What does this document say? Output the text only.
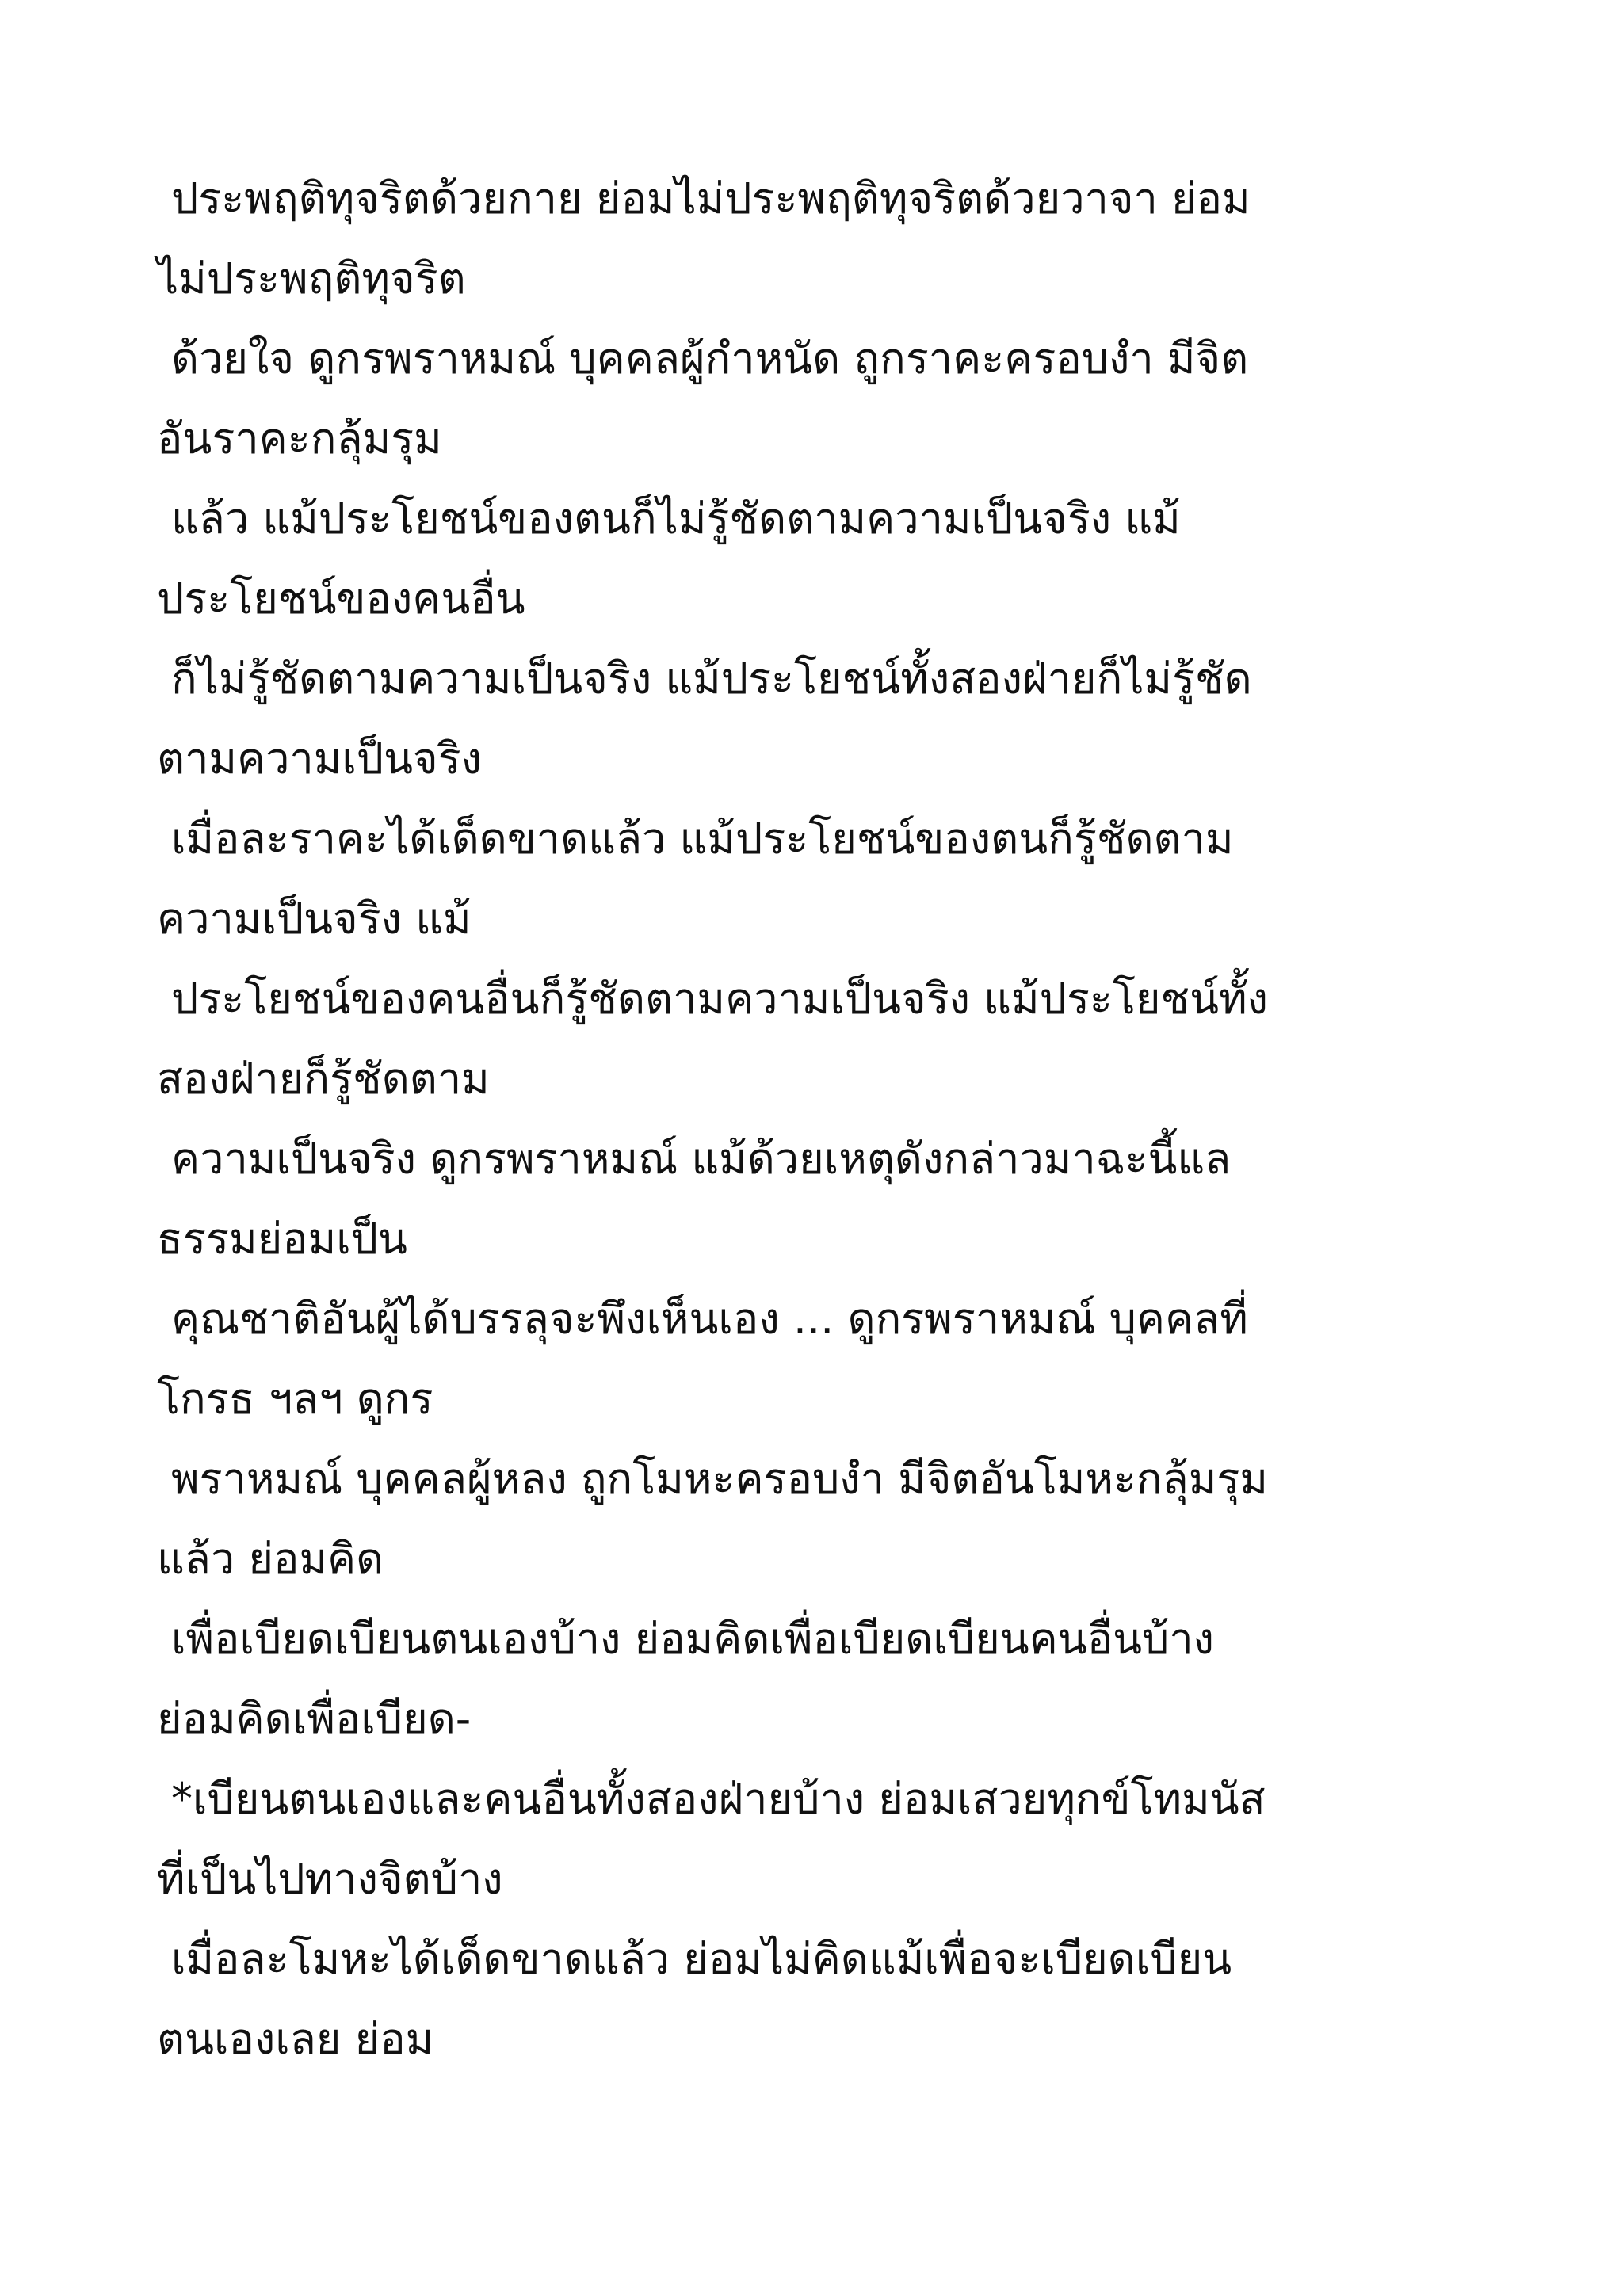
ประพฤติทุจริตด้วยกาย ย่อมไม่ประพฤติทุจริตด้วยวาจา ย่อม
ไม่ประพฤติทุจริต
ด้วยใจ ดูกรพราหมณ์ บุคคลผู้กำหนัด ถูกราคะครอบงำ มีจิต
อันราคะกลุ้มรุม
แล้ว แม้ประโยชน์ของตนก็ไม่รู้ชัดตามความเป็นจริง แม้
ประโยชน์ของคนอื่น
ก็ไม่รู้ชัดตามความเป็นจริง แม้ประโยชน์ทั้งสองฝ่ายก็ไม่รู้ชัด
ตามความเป็นจริง
เมื่อละราคะได้เด็ดขาดแล้ว แม้ประโยชน์ของตนก็รู้ชัดตาม
ความเป็นจริง แม้
ประโยชน์ของคนอื่นก็รู้ชัดตามความเป็นจริง แม้ประโยชน์ทั้ง
สองฝ่ายก็รู้ชัดตาม
ความเป็นจริง ดูกรพราหมณ์ แม้ด้วยเหตุดังกล่าวมาฉะนี้แล
ธรรมย่อมเป็น
คุณชาติอันผู้ได้บรรลุจะพึงเห็นเอง ... ดูกรพราหมณ์ บุคคลที่
โกรธ ฯลฯ ดูกร
พราหมณ์ บุคคลผู้หลง ถูกโมหะครอบงำ มีจิตอันโมหะกลุ้มรุม
แล้ว ย่อมคิด
เพื่อเบียดเบียนตนเองบ้าง ย่อมคิดเพื่อเบียดเบียนคนอื่นบ้าง
ย่อมคิดเพื่อเบียด-
*เบียนตนเองและคนอื่นทั้งสองฝ่ายบ้าง ย่อมเสวยทุกข์โทมนัส
ที่เป็นไปทางจิตบ้าง
เมื่อละโมหะได้เด็ดขาดแล้ว ย่อมไม่คิดแม้เพื่อจะเบียดเบียน
ตนเองเลย ย่อม
